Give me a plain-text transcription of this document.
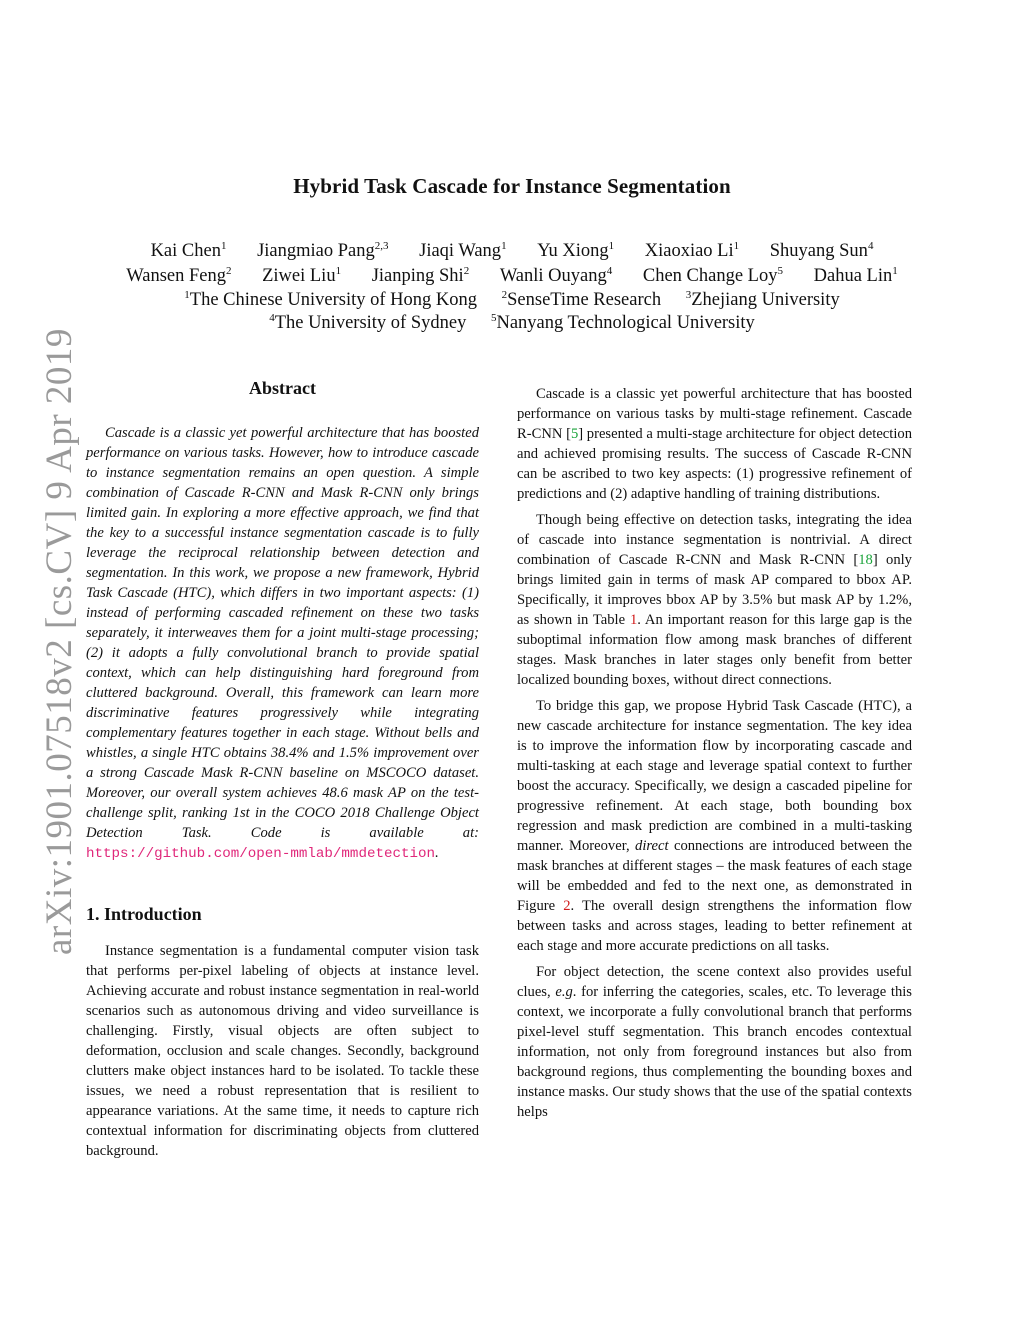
Hybrid Task Cascade for Instance Segmentation
Kai Chen$^1$ Jiangmiao Pang$^{2,3}$ Jiaqi Wang$^1$ Yu Xiong$^1$ Xiaoxiao Li$^1$ Shuyang Sun$^4$
Wansen Feng$^2$ Ziwei Liu$^1$ Jianping Shi$^2$ Wanli Ouyang$^4$ Chen Change Loy$^5$ Dahua Lin$^1$
$^1$The Chinese University of Hong Kong $^2$SenseTime Research $^3$Zhejiang University
$^4$The University of Sydney $^5$Nanyang Technological University
arXiv:1901.07518v2 [cs.CV] 9 Apr 2019	Abstract

Cascade is a classic yet powerful architecture that has boosted performance on various tasks. However, how to introduce cascade to instance segmentation remains an open question. A simple combination of Cascade R-CNN and Mask R-CNN only brings limited gain. In exploring a more effective approach, we find that the key to a successful instance segmentation cascade is to fully leverage the reciprocal relationship between detection and segmentation. In this work, we propose a new framework, Hybrid Task Cascade (HTC), which differs in two important aspects: (1) instead of performing cascaded refinement on these two tasks separately, it interweaves them for a joint multi-stage processing; (2) it adopts a fully convolutional branch to provide spatial context, which can help distinguishing hard foreground from cluttered background. Overall, this framework can learn more discriminative features progressively while integrating complementary features together in each stage. Without bells and whistles, a single HTC obtains 38.4% and 1.5% improvement over a strong Cascade Mask R-CNN baseline on MSCOCO dataset. Moreover, our overall system achieves 48.6 mask AP on the test-challenge split, ranking 1st in the COCO 2018 Challenge Object Detection Task. Code is available at: https://github.com/open-mmlab/mmdetection.

1. Introduction

Instance segmentation is a fundamental computer vision task that performs per-pixel labeling of objects at instance level. Achieving accurate and robust instance segmentation in real-world scenarios such as autonomous driving and video surveillance is challenging. Firstly, visual objects are often subject to deformation, occlusion and scale changes. Secondly, background clutters make object instances hard to be isolated. To tackle these issues, we need a robust representation that is resilient to appearance variations. At the same time, it needs to capture rich contextual information for discriminating objects from cluttered background.

Cascade is a classic yet powerful architecture that has boosted performance on various tasks by multi-stage refinement. Cascade R-CNN [5] presented a multi-stage architecture for object detection and achieved promising results. The success of Cascade R-CNN can be ascribed to two key aspects: (1) progressive refinement of predictions and (2) adaptive handling of training distributions.

Though being effective on detection tasks, integrating the idea of cascade into instance segmentation is nontrivial. A direct combination of Cascade R-CNN and Mask R-CNN [18] only brings limited gain in terms of mask AP compared to bbox AP. Specifically, it improves bbox AP by 3.5% but mask AP by 1.2%, as shown in Table 1. An important reason for this large gap is the suboptimal information flow among mask branches of different stages. Mask branches in later stages only benefit from better localized bounding boxes, without direct connections.

To bridge this gap, we propose Hybrid Task Cascade (HTC), a new cascade architecture for instance segmentation. The key idea is to improve the information flow by incorporating cascade and multi-tasking at each stage and leverage spatial context to further boost the accuracy. Specifically, we design a cascaded pipeline for progressive refinement. At each stage, both bounding box regression and mask prediction are combined in a multi-tasking manner. Moreover, direct connections are introduced between the mask branches at different stages – the mask features of each stage will be embedded and fed to the next one, as demonstrated in Figure 2. The overall design strengthens the information flow between tasks and across stages, leading to better refinement at each stage and more accurate predictions on all tasks.

For object detection, the scene context also provides useful clues, e.g. for inferring the categories, scales, etc. To leverage this context, we incorporate a fully convolutional branch that performs pixel-level stuff segmentation. This branch encodes contextual information, not only from foreground instances but also from background regions, thus complementing the bounding boxes and instance masks. Our study shows that the use of the spatial contexts helps
